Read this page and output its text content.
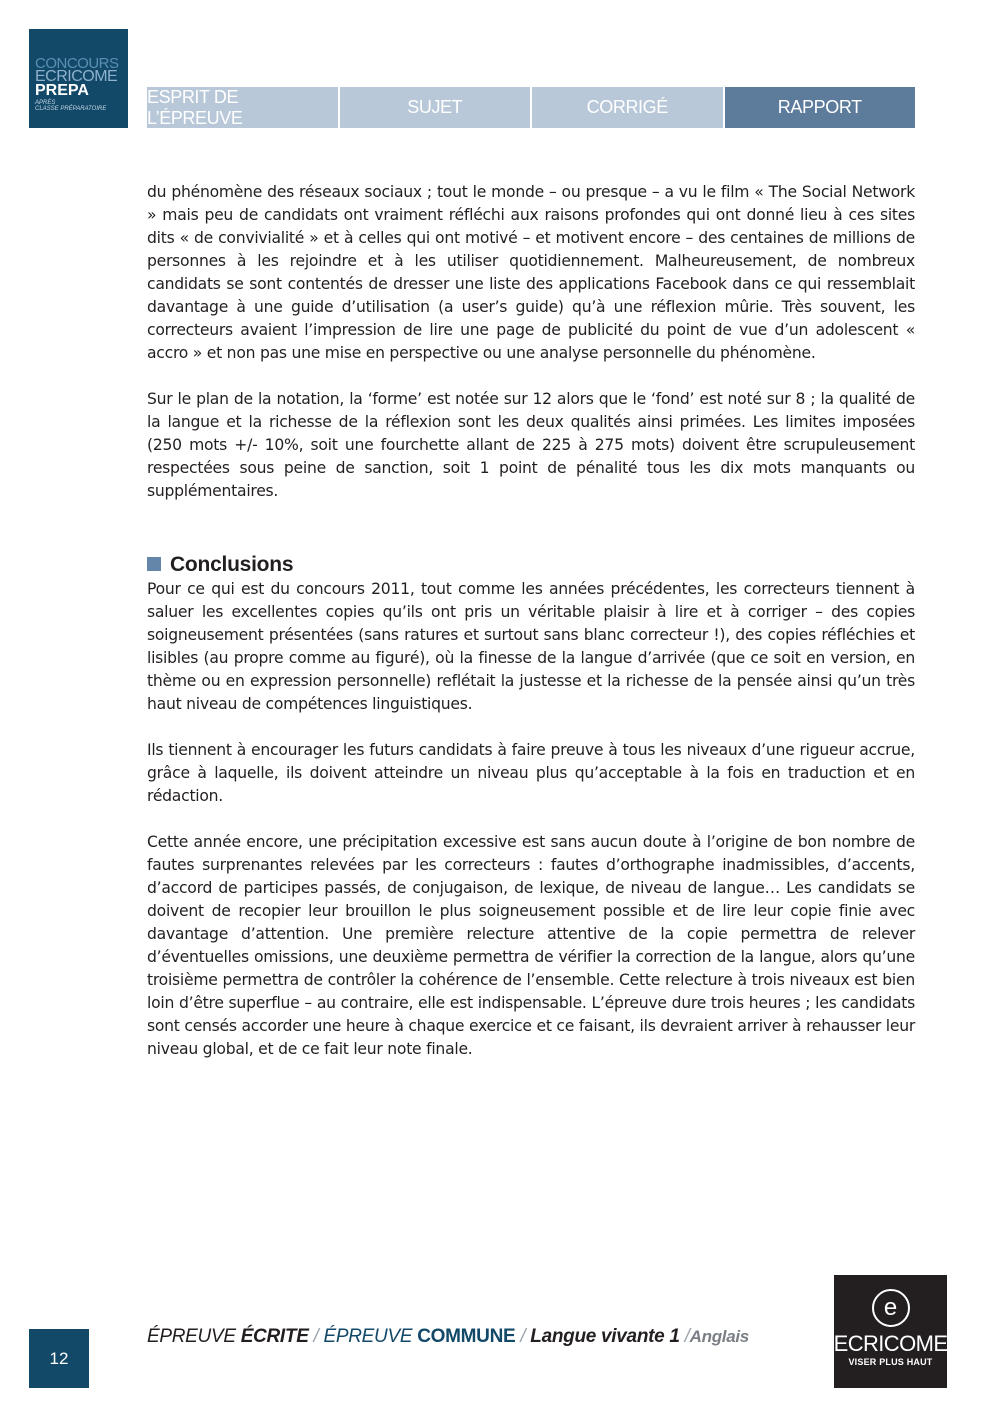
CONCOURS
ECRICOME
PREPA
APRÈS
CLASSE PRÉPARATOIRE
ESPRIT DE L’ÉPREUVE
SUJET	CORRIGÉ	RAPPORT

du phénomène des réseaux sociaux ; tout le monde – ou presque – a vu le film « The Social Network » mais peu de candidats ont vraiment réfléchi aux raisons profondes qui ont donné lieu à ces sites dits « de convivialité » et à celles qui ont motivé – et motivent encore – des centaines de millions de personnes à les rejoindre et à les utiliser quotidiennement. Malheureusement, de nombreux candidats se sont contentés de dresser une liste des applications Facebook dans ce qui ressemblait davantage à une guide d’utilisation (a user’s guide) qu’à une réflexion mûrie. Très souvent, les correcteurs avaient l’impression de lire une page de publicité du point de vue d’un adolescent « accro » et non pas une mise en perspective ou une analyse personnelle du phénomène.

Sur le plan de la notation, la ‘forme’ est notée sur 12 alors que le ‘fond’ est noté sur 8 ; la qualité de la langue et la richesse de la réflexion sont les deux qualités ainsi primées. Les limites imposées (250 mots +/- 10%, soit une fourchette allant de 225 à 275 mots) doivent être scrupuleusement respectées sous peine de sanction, soit 1 point de pénalité tous les dix mots manquants ou supplémentaires.

Conclusions

Pour ce qui est du concours 2011, tout comme les années précédentes, les correcteurs tiennent à saluer les excellentes copies qu’ils ont pris un véritable plaisir à lire et à corriger – des copies soigneusement présentées (sans ratures et surtout sans blanc correcteur !), des copies réfléchies et lisibles (au propre comme au figuré), où la finesse de la langue d’arrivée (que ce soit en version, en thème ou en expression personnelle) reflétait la justesse et la richesse de la pensée ainsi qu’un très haut niveau de compétences linguistiques.

Ils tiennent à encourager les futurs candidats à faire preuve à tous les niveaux d’une rigueur accrue, grâce à laquelle, ils doivent atteindre un niveau plus qu’acceptable à la fois en traduction et en rédaction.

Cette année encore, une précipitation excessive est sans aucun doute à l’origine de bon nombre de fautes surprenantes relevées par les correcteurs : fautes d’orthographe inadmissibles, d’accents, d’accord de participes passés, de conjugaison, de lexique, de niveau de langue… Les candidats se doivent de recopier leur brouillon le plus soigneusement possible et de lire leur copie finie avec davantage d’attention. Une première relecture attentive de la copie permettra de relever d’éventuelles omissions, une deuxième permettra de vérifier la correction de la langue, alors qu’une troisième permettra de contrôler la cohérence de l’ensemble. Cette relecture à trois niveaux est bien loin d’être superflue – au contraire, elle est indispensable. L’épreuve dure trois heures ; les candidats sont censés accorder une heure à chaque exercice et ce faisant, ils devraient arriver à rehausser leur niveau global, et de ce fait leur note finale.

12
ÉPREUVE ÉCRITE / ÉPREUVE COMMUNE / Langue vivante 1 /Anglais
e
ECRICOME
VISER PLUS HAUT
